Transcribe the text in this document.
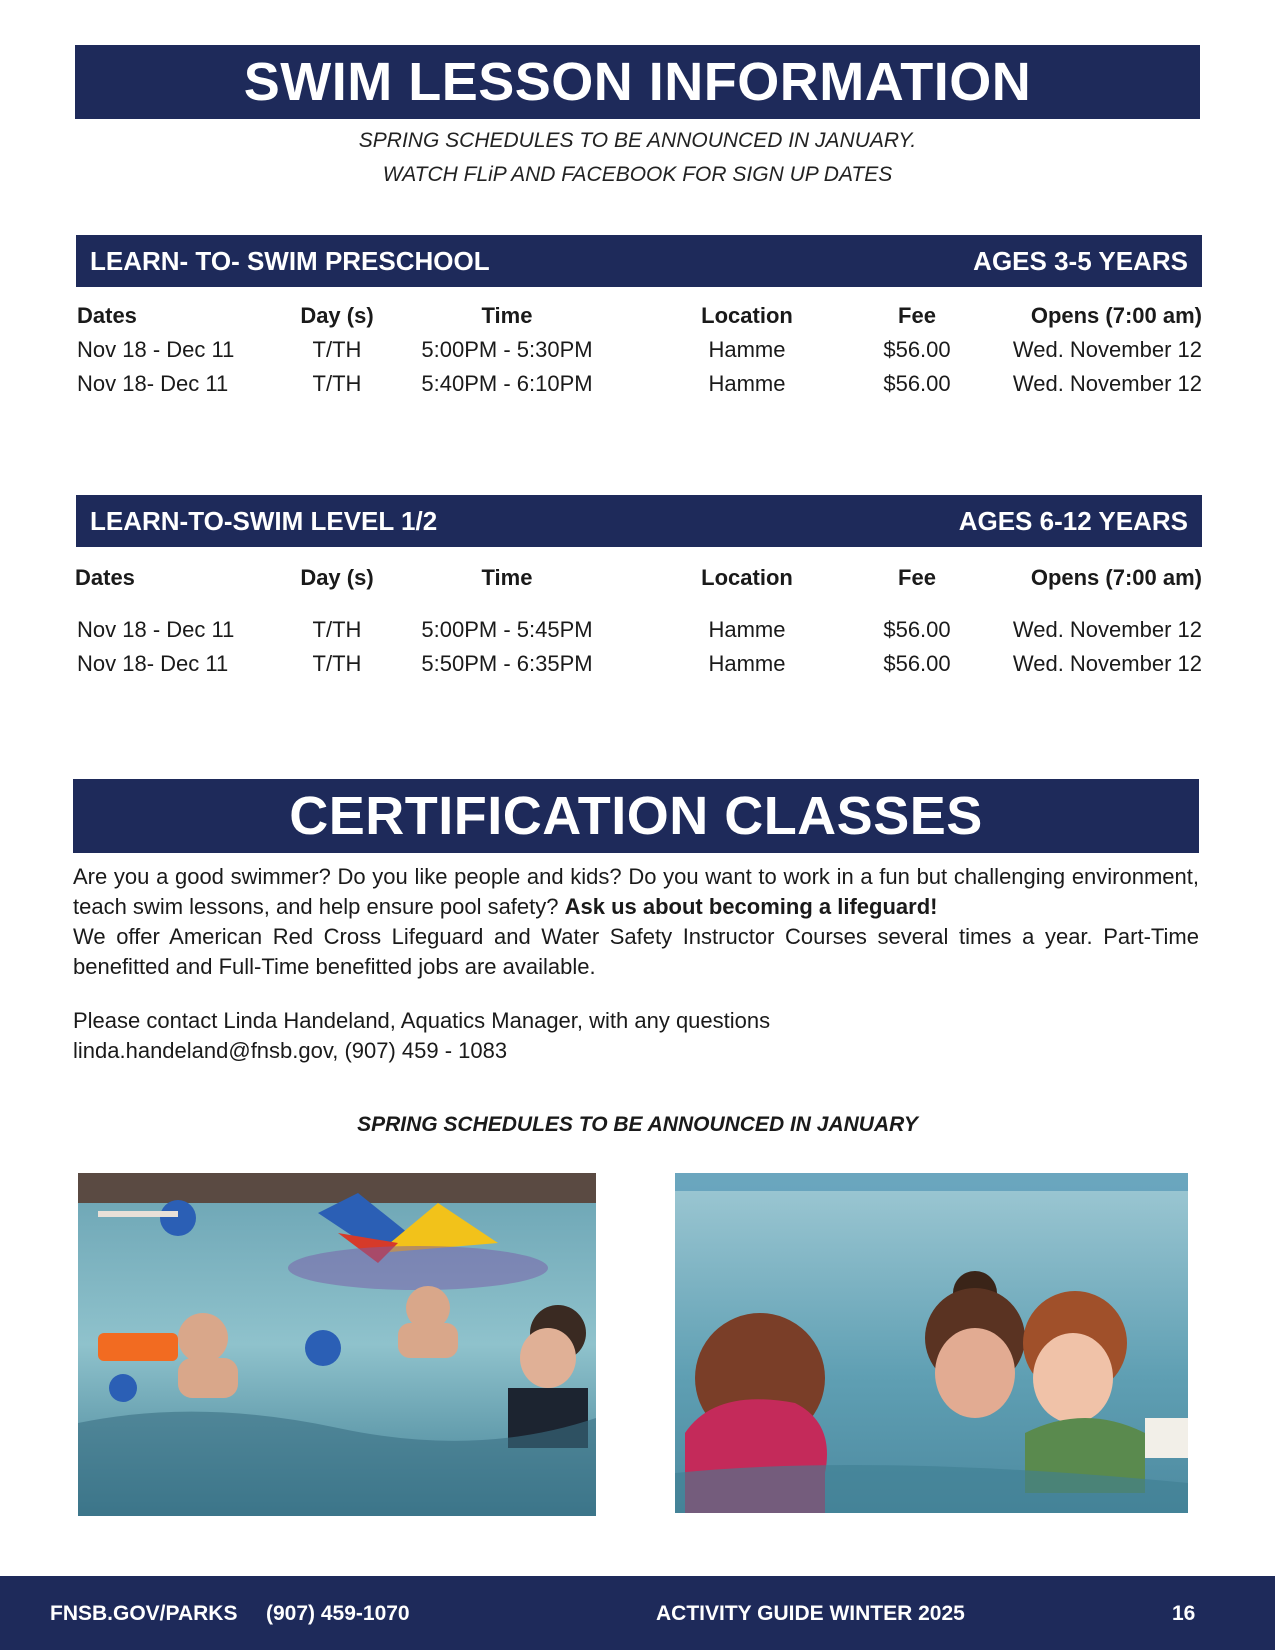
SWIM LESSON INFORMATION
SPRING SCHEDULES TO BE ANNOUNCED IN JANUARY.
WATCH FLiP AND FACEBOOK FOR SIGN UP DATES
LEARN- TO- SWIM PRESCHOOL	AGES 3-5 YEARS
Dates	Day (s)	Time	Location	Fee	Opens (7:00 am)
Nov 18 - Dec 11	T/TH	5:00PM - 5:30PM	Hamme	$56.00	Wed. November 12
Nov 18- Dec 11	T/TH	5:40PM - 6:10PM	Hamme	$56.00	Wed. November 12
LEARN-TO-SWIM LEVEL 1/2	AGES 6-12 YEARS
Dates	Day (s)	Time	Location	Fee	Opens (7:00 am)
Nov 18 - Dec 11	T/TH	5:00PM - 5:45PM	Hamme	$56.00	Wed. November 12
Nov 18- Dec 11	T/TH	5:50PM - 6:35PM	Hamme	$56.00	Wed. November 12
CERTIFICATION CLASSES
Are you a good swimmer? Do you like people and kids? Do you want to work in a fun but challenging environment, teach swim lessons, and help ensure pool safety? Ask us about becoming a lifeguard!
We offer American Red Cross Lifeguard and Water Safety Instructor Courses several times a year. Part-Time benefitted and Full-Time benefitted jobs are available.
Please contact Linda Handeland, Aquatics Manager, with any questions
linda.handeland@fnsb.gov, (907) 459 - 1083
SPRING SCHEDULES TO BE ANNOUNCED IN JANUARY
FNSB.GOV/PARKS (907) 459-1070	ACTIVITY GUIDE WINTER 2025	16
